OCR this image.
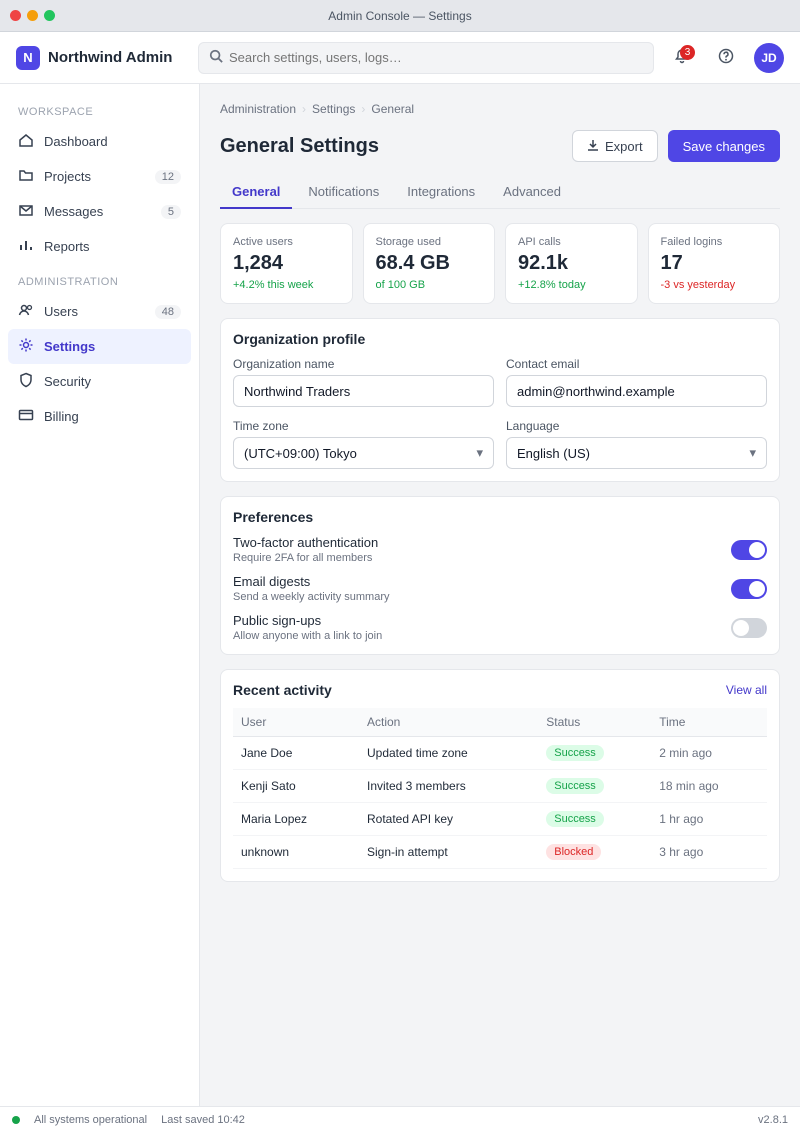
Admin Console — Settings
N	Northwind Admin
Search settings, users, logs…	3	JD
WORKSPACE
Dashboard
Projects	12
Messages	5
Reports
ADMINISTRATION
Users	48
Settings
Security
Billing
Administration › Settings › General
General Settings	Export	Save changes
General	Notifications	Integrations	Advanced
Active users
1,284
+4.2% this week
Storage used
68.4 GB
of 100 GB
API calls
92.1k
+12.8% today
Failed logins
17
-3 vs yesterday
Organization profile
Organization name
Northwind Traders	Contact email
admin@northwind.example
Time zone
(UTC+09:00) Tokyo	▾
Language
English (US)	▾
Preferences
Two-factor authentication
Require 2FA for all members
Email digests
Send a weekly activity summary
Public sign-ups
Allow anyone with a link to join
Recent activity	View all
User	Action	Status	Time
Jane Doe	Updated time zone	Success	2 min ago
Kenji Sato	Invited 3 members	Success	18 min ago
Maria Lopez	Rotated API key	Success	1 hr ago
unknown	Sign-in attempt	Blocked	3 hr ago
All systems operational Last saved 10:42	v2.8.1
